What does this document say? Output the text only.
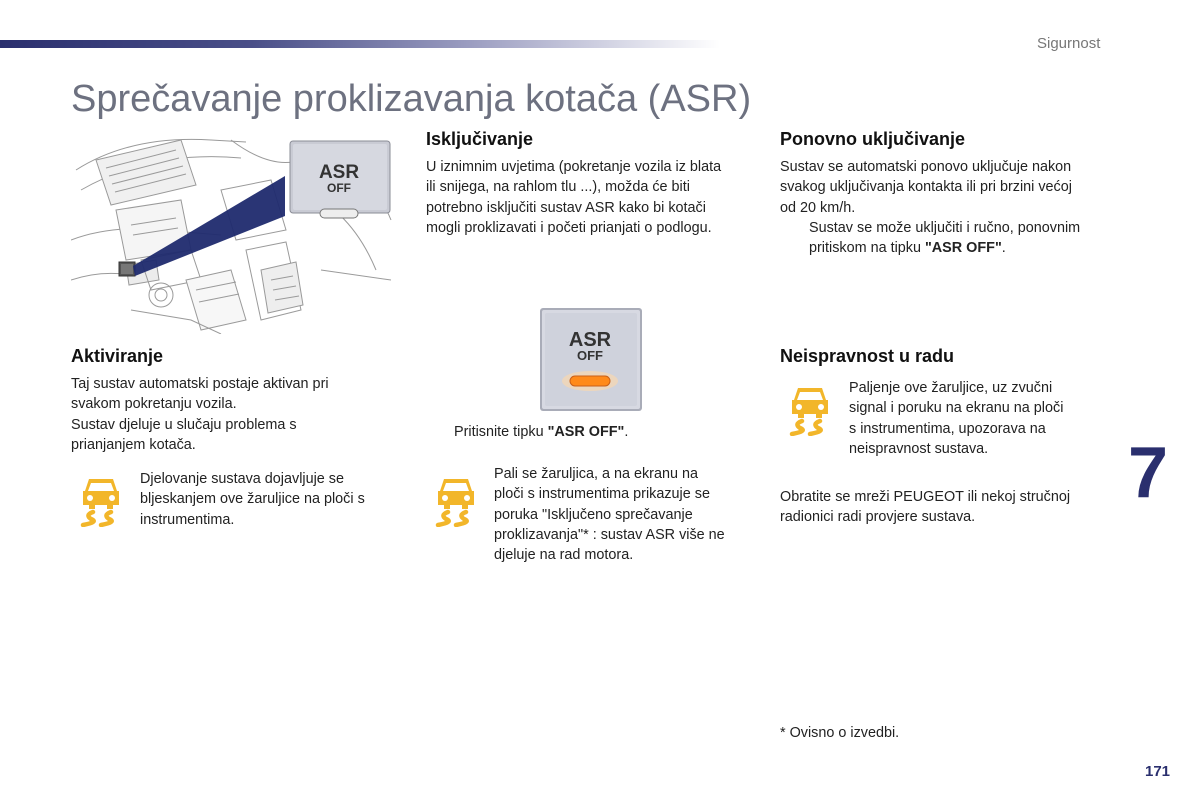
Sigurnost
Sprečavanje proklizavanja kotača (ASR)
ASR
OFF
Aktiviranje
Taj sustav automatski postaje aktivan pri
svakom pokretanju vozila.
Sustav djeluje u slučaju problema s
prianjanjem kotača.
Djelovanje sustava dojavljuje se
bljeskanjem ove žaruljice na ploči s
instrumentima.
Isključivanje
U iznimnim uvjetima (pokretanje vozila iz blata
ili snijega, na rahlom tlu ...), možda će biti
potrebno isključiti sustav ASR kako bi kotači
mogli proklizavati i početi prianjati o podlogu.
ASR
OFF
Pritisnite tipku "ASR OFF".
Pali se žaruljica, a na ekranu na
ploči s instrumentima prikazuje se
poruka "Isključeno sprečavanje
proklizavanja"* : sustav ASR više ne
djeluje na rad motora.
Ponovno uključivanje
Sustav se automatski ponovo uključuje nakon
svakog uključivanja kontakta ili pri brzini većoj
od 20 km/h.
Sustav se može uključiti i ručno, ponovnim
pritiskom na tipku "ASR OFF".
Neispravnost u radu
Paljenje ove žaruljice, uz zvučni
signal i poruku na ekranu na ploči
s instrumentima, upozorava na
neispravnost sustava.
Obratite se mreži PEUGEOT ili nekoj stručnoj
radionici radi provjere sustava.
7
* Ovisno o izvedbi.
171
